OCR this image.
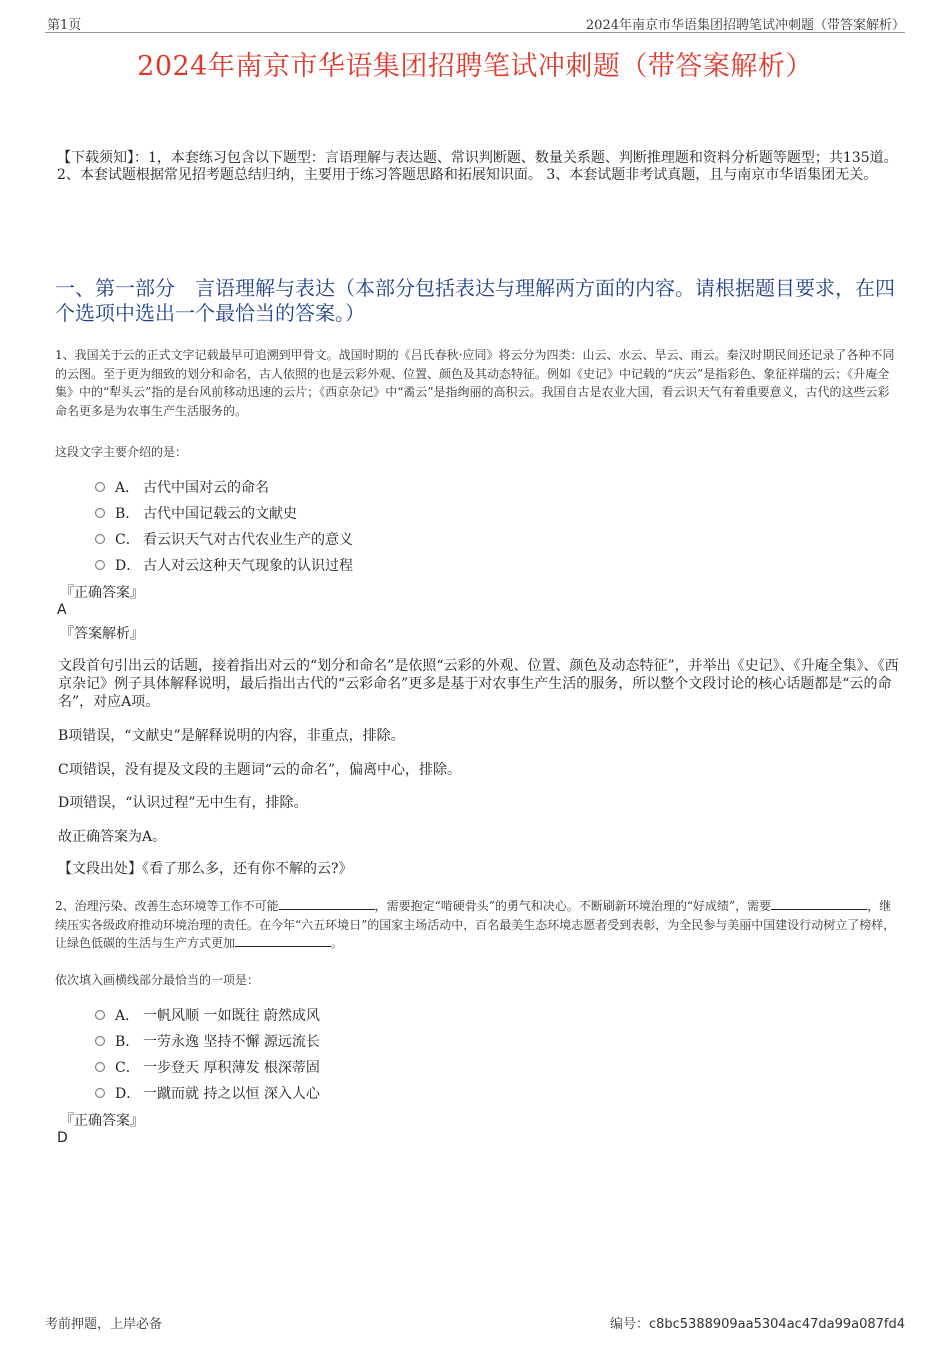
第1页	2024年南京市华语集团招聘笔试冲刺题（带答案解析）
2024年南京市华语集团招聘笔试冲刺题（带答案解析）
【下载须知】：1，本套练习包含以下题型：言语理解与表达题、常识判断题、数量关系题、判断推理题和资料分析题等题型；共135道。 2、本套试题根据常见招考题总结归纳，主要用于练习答题思路和拓展知识面。 3、本套试题非考试真题，且与南京市华语集团无关。
一、第一部分　言语理解与表达（本部分包括表达与理解两方面的内容。请根据题目要求，在四个选项中选出一个最恰当的答案。）
1、我国关于云的正式文字记载最早可追溯到甲骨文。战国时期的《吕氏春秋·应同》将云分为四类：山云、水云、旱云、雨云。秦汉时期民间还记录了各种不同的云图。至于更为细致的划分和命名，古人依照的也是云彩外观、位置、颜色及其动态特征。例如《史记》中记载的“庆云”是指彩色、象征祥瑞的云；《升庵全集》中的“犁头云”指的是台风前移动迅速的云片；《西京杂记》中“矞云”是指绚丽的高积云。我国自古是农业大国，看云识天气有着重要意义，古代的这些云彩命名更多是为农事生产生活服务的。
这段文字主要介绍的是：
A． 古代中国对云的命名
B． 古代中国记载云的文献史
C． 看云识天气对古代农业生产的意义
D． 古人对云这种天气现象的认识过程
『正确答案』
A
『答案解析』
文段首句引出云的话题，接着指出对云的“划分和命名”是依照“云彩的外观、位置、颜色及动态特征”，并举出《史记》、《升庵全集》、《西京杂记》例子具体解释说明，最后指出古代的“云彩命名”更多是基于对农事生产生活的服务，所以整个文段讨论的核心话题都是“云的命名”，对应A项。
B项错误，“文献史”是解释说明的内容，非重点，排除。
C项错误，没有提及文段的主题词“云的命名”，偏离中心，排除。
D项错误，“认识过程”无中生有，排除。
故正确答案为A。
【文段出处】《看了那么多，还有你不解的云?》
2、治理污染、改善生态环境等工作不可能	，需要抱定“啃硬骨头”的勇气和决心。不断刷新环境治理的“好成绩”，需要	，继续压实各级政府推动环境治理的责任。在今年“六五环境日”的国家主场活动中，百名最美生态环境志愿者受到表彰，为全民参与美丽中国建设行动树立了榜样，让绿色低碳的生活与生产方式更加	。
依次填入画横线部分最恰当的一项是：
A． 一帆风顺 一如既往 蔚然成风
B． 一劳永逸 坚持不懈 源远流长
C． 一步登天 厚积薄发 根深蒂固
D． 一蹴而就 持之以恒 深入人心
『正确答案』
D
考前押题，上岸必备	编号：c8bc5388909aa5304ac47da99a087fd4
